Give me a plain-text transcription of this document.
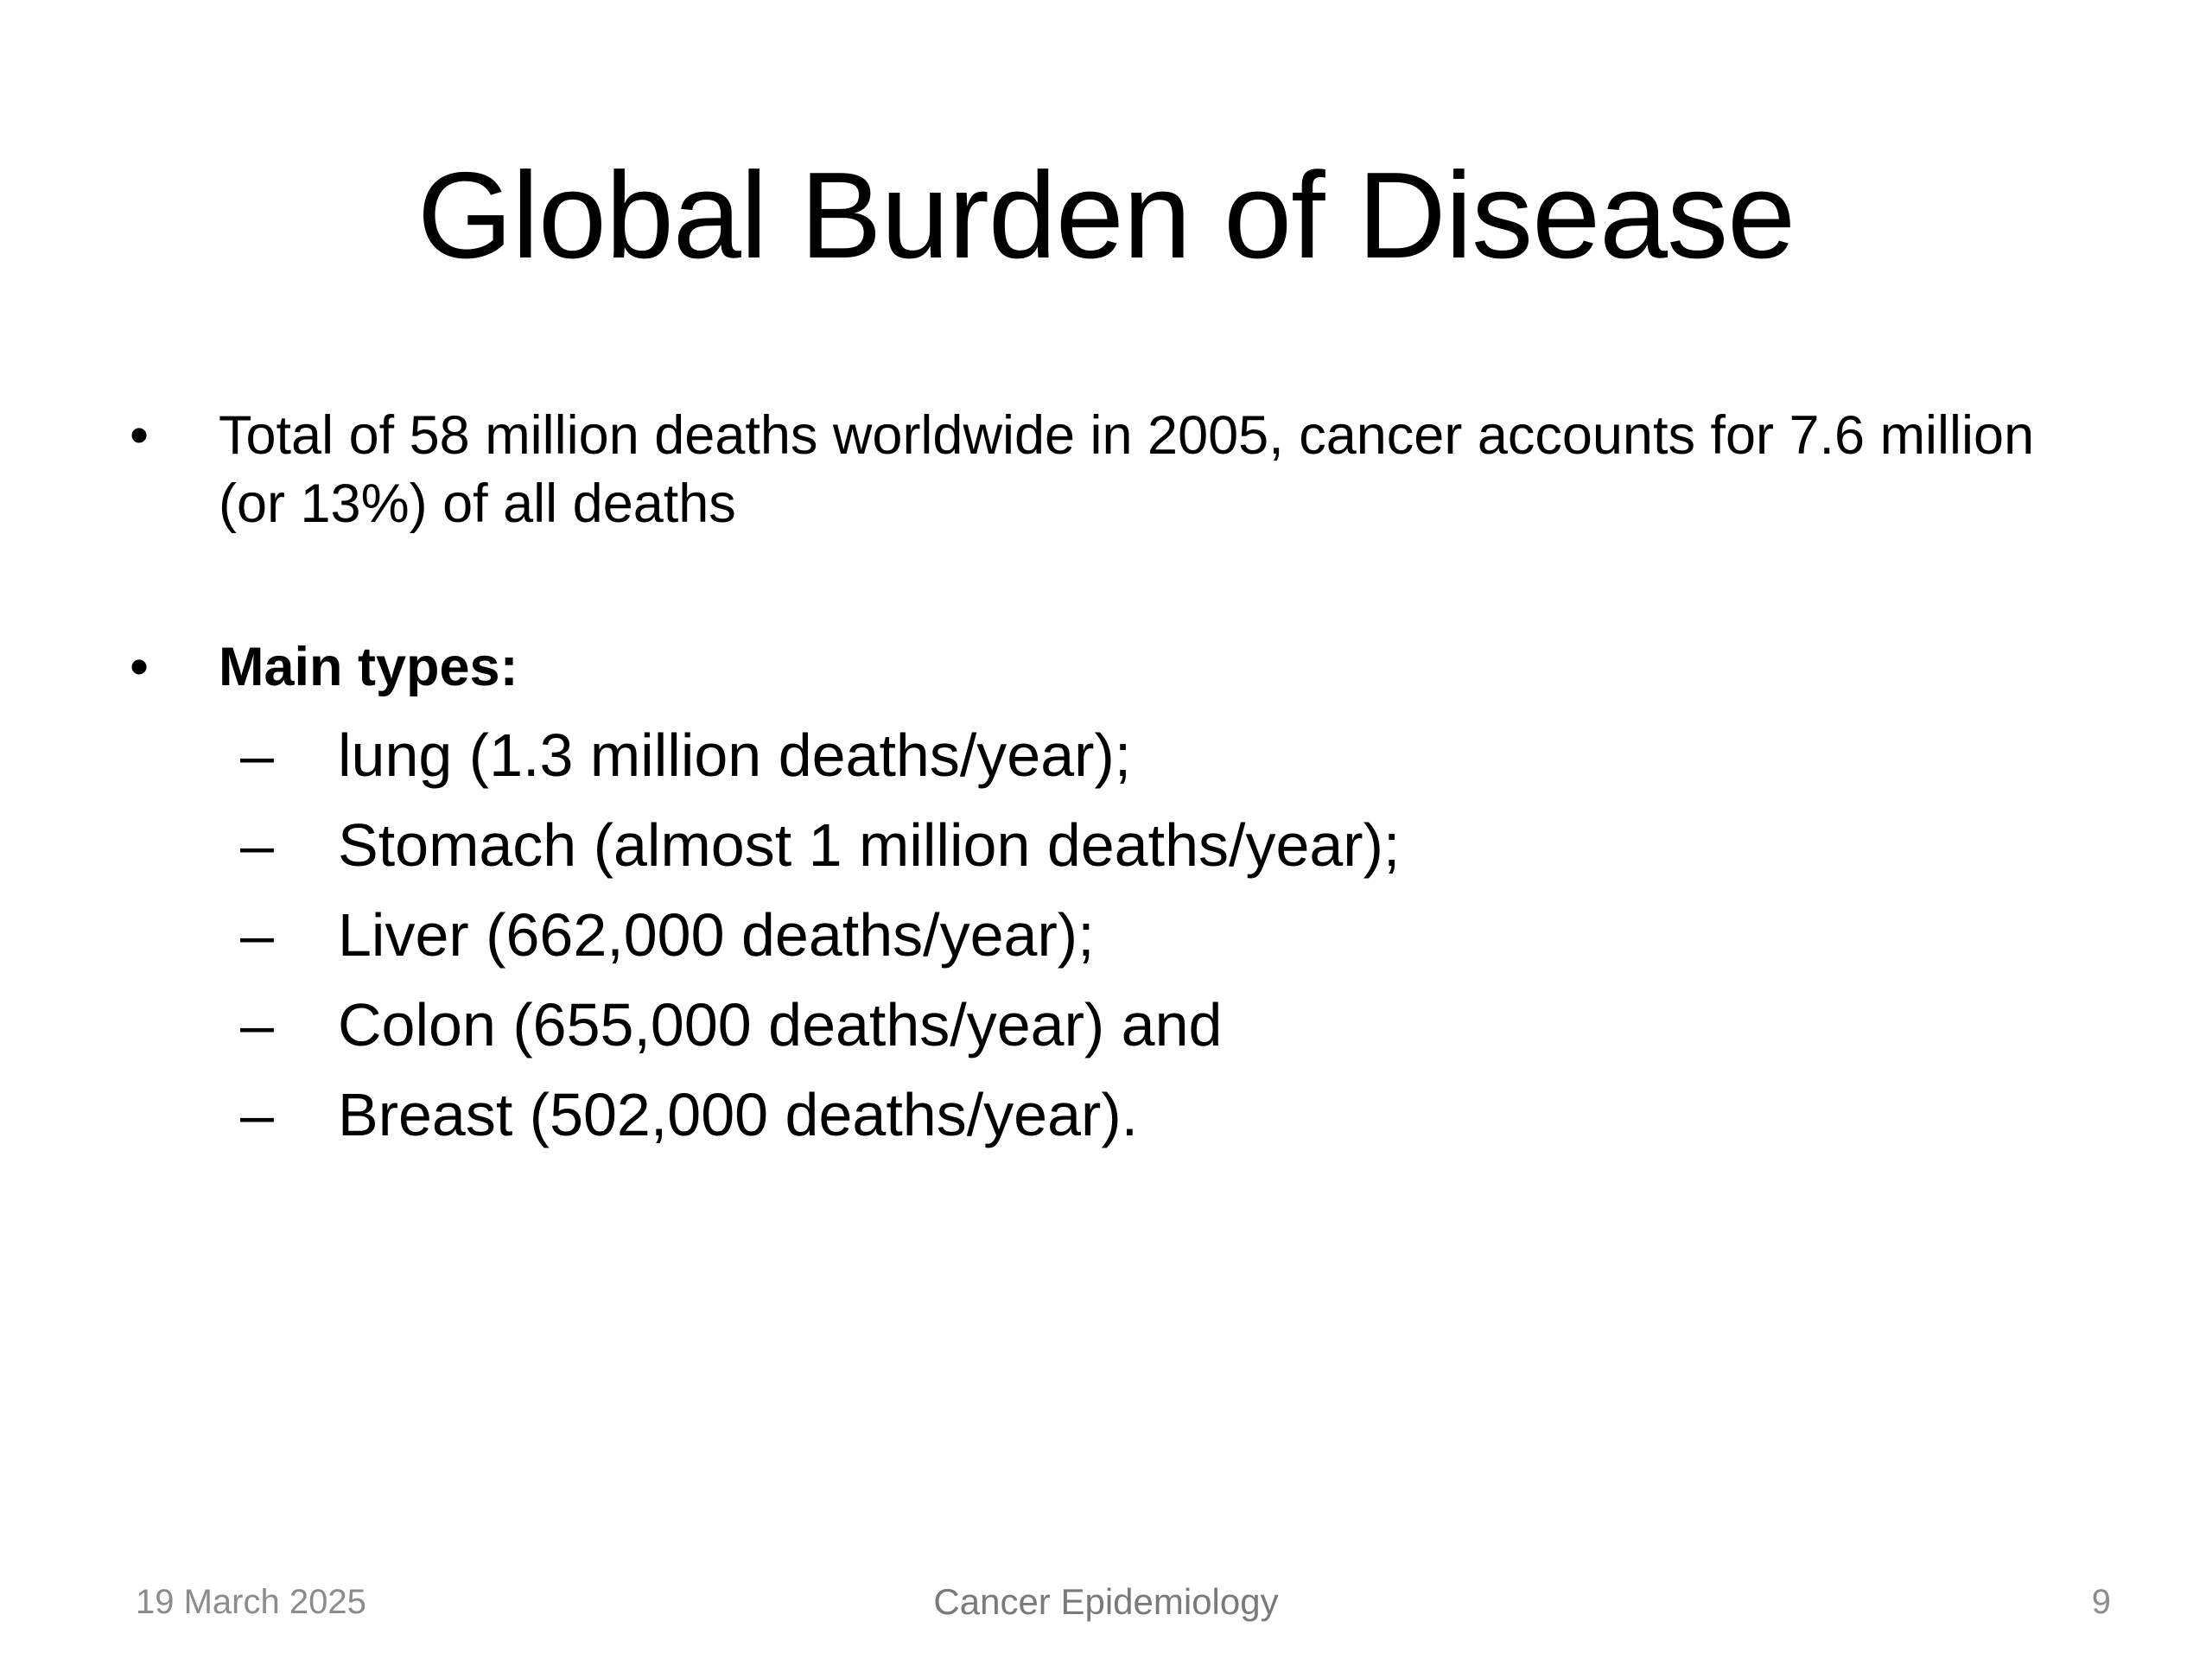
Global Burden of Disease
• Total of 58 million deaths worldwide in 2005, cancer accounts for 7.6 million (or 13%) of all deaths
• Main types:
–	lung (1.3 million deaths/year);
–	Stomach (almost 1 million deaths/year);
–	Liver (662,000 deaths/year);
–	Colon (655,000 deaths/year) and
–	Breast (502,000 deaths/year).
19 March 2025	Cancer Epidemiology	9
